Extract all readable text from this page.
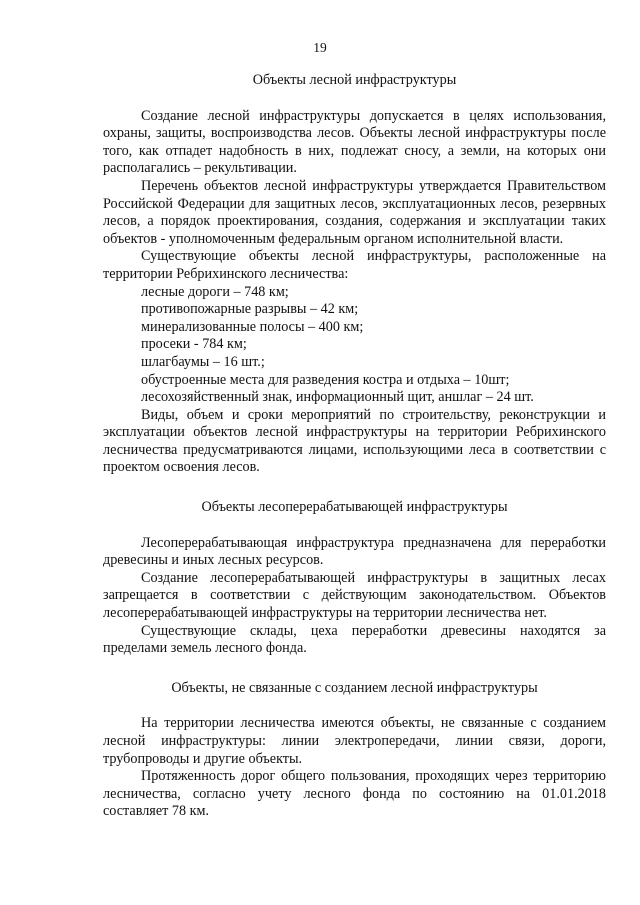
19

Объекты лесной инфраструктуры

Создание лесной инфраструктуры допускается в целях использования, охраны, защиты, воспроизводства лесов. Объекты лесной инфраструктуры после того, как отпадет надобность в них, подлежат сносу, а земли, на которых они располагались – рекультивации.

Перечень объектов лесной инфраструктуры утверждается Правительством Российской Федерации для защитных лесов, эксплуатационных лесов, резервных лесов, а порядок проектирования, создания, содержания и эксплуатации таких объектов - уполномоченным федеральным органом исполнительной власти.

Существующие объекты лесной инфраструктуры, расположенные на территории Ребрихинского лесничества:

лесные дороги – 748 км;

противопожарные разрывы – 42 км;

минерализованные полосы – 400 км;

просеки - 784 км;

шлагбаумы – 16 шт.;

обустроенные места для разведения костра и отдыха – 10шт;

лесохозяйственный знак, информационный щит, аншлаг – 24 шт.

Виды, объем и сроки мероприятий по строительству, реконструкции и эксплуатации объектов лесной инфраструктуры на территории Ребрихинского лесничества предусматриваются лицами, использующими леса в соответствии с проектом освоения лесов.

Объекты лесоперерабатывающей инфраструктуры

Лесоперерабатывающая инфраструктура предназначена для переработки древесины и иных лесных ресурсов.

Создание лесоперерабатывающей инфраструктуры в защитных лесах запрещается в соответствии с действующим законодательством. Объектов лесоперерабатывающей инфраструктуры на территории лесничества нет.

Существующие склады, цеха переработки древесины находятся за пределами земель лесного фонда.

Объекты, не связанные с созданием лесной инфраструктуры

На территории лесничества имеются объекты, не связанные с созданием лесной инфраструктуры: линии электропередачи, линии связи, дороги, трубопроводы и другие объекты.

Протяженность дорог общего пользования, проходящих через территорию лесничества, согласно учету лесного фонда по состоянию на 01.01.2018 составляет 78 км.
